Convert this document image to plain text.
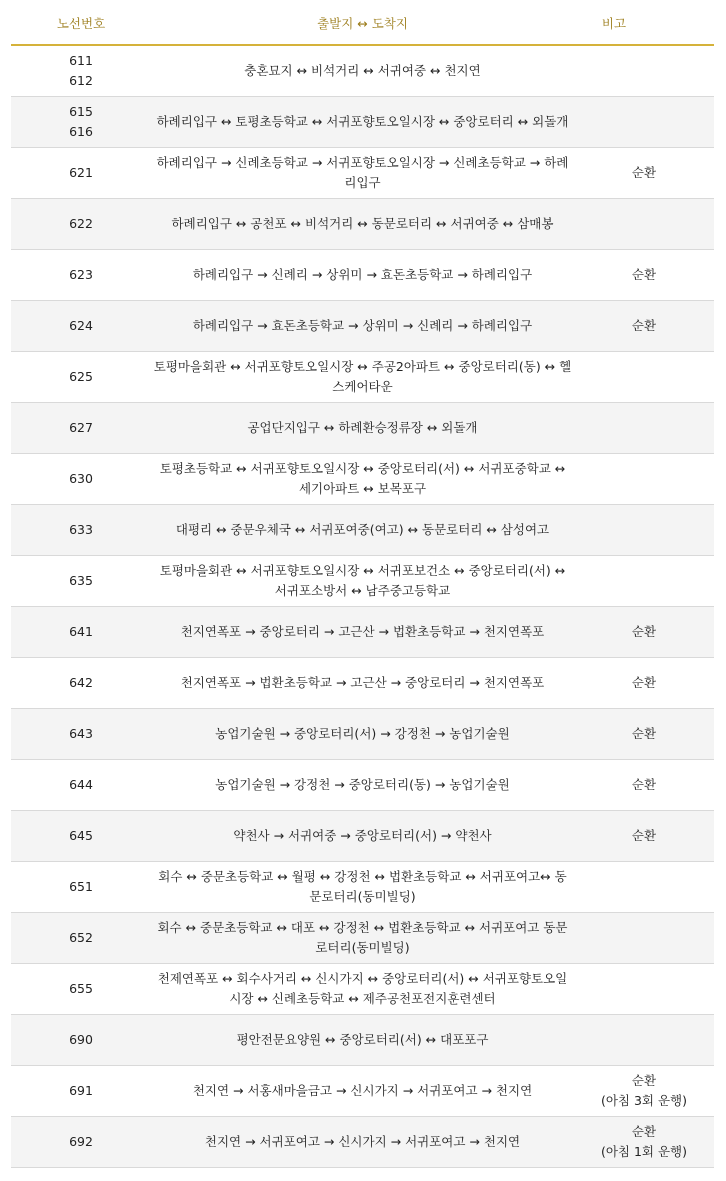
노선번호	출발지 ↔ 도착지	비고

611
612	충혼묘지 ↔ 비석거리 ↔ 서귀여중 ↔ 천지연	

615
616	하례리입구 ↔ 토평초등학교 ↔ 서귀포향토오일시장 ↔ 중앙로터리 ↔ 외돌개	

621	하례리입구 → 신례초등학교 → 서귀포향토오일시장 → 신례초등학교 → 하례리입구	순환

622	하례리입구 ↔ 공천포 ↔ 비석거리 ↔ 동문로터리 ↔ 서귀여중 ↔ 삼매봉	

623	하례리입구 → 신례리 → 상위미 → 효돈초등학교 → 하례리입구	순환

624	하례리입구 → 효돈초등학교 → 상위미 → 신례리 → 하례리입구	순환

625	토평마을회관 ↔ 서귀포향토오일시장 ↔ 주공2아파트 ↔ 중앙로터리(동) ↔ 헬스케어타운	

627	공업단지입구 ↔ 하례환승정류장 ↔ 외돌개	

630	토평초등학교 ↔ 서귀포향토오일시장 ↔ 중앙로터리(서) ↔ 서귀포중학교 ↔ 세기아파트 ↔ 보목포구	

633	대평리 ↔ 중문우체국 ↔ 서귀포여중(여고) ↔ 동문로터리 ↔ 삼성여고	

635	토평마을회관 ↔ 서귀포향토오일시장 ↔ 서귀포보건소 ↔ 중앙로터리(서) ↔ 서귀포소방서 ↔ 남주중고등학교	

641	천지연폭포 → 중앙로터리 → 고근산 → 법환초등학교 → 천지연폭포	순환

642	천지연폭포 → 법환초등학교 → 고근산 → 중앙로터리 → 천지연폭포	순환

643	농업기술원 → 중앙로터리(서) → 강정천 → 농업기술원	순환

644	농업기술원 → 강정천 → 중앙로터리(동) → 농업기술원	순환

645	약천사 → 서귀여중 → 중앙로터리(서) → 약천사	순환

651	회수 ↔ 중문초등학교 ↔ 월평 ↔ 강정천 ↔ 법환초등학교 ↔ 서귀포여고↔ 동문로터리(동미빌딩)	

652	회수 ↔ 중문초등학교 ↔ 대포 ↔ 강정천 ↔ 법환초등학교 ↔ 서귀포여고 동문로터리(동미빌딩)	

655	천제연폭포 ↔ 회수사거리 ↔ 신시가지 ↔ 중앙로터리(서) ↔ 서귀포향토오일시장 ↔ 신례초등학교 ↔ 제주공천포전지훈련센터	

690	평안전문요양원 ↔ 중앙로터리(서) ↔ 대포포구	

691	천지연 → 서홍새마을금고 → 신시가지 → 서귀포여고 → 천지연	순환
(아침 3회 운행)

692	천지연 → 서귀포여고 → 신시가지 → 서귀포여고 → 천지연	순환
(아침 1회 운행)
